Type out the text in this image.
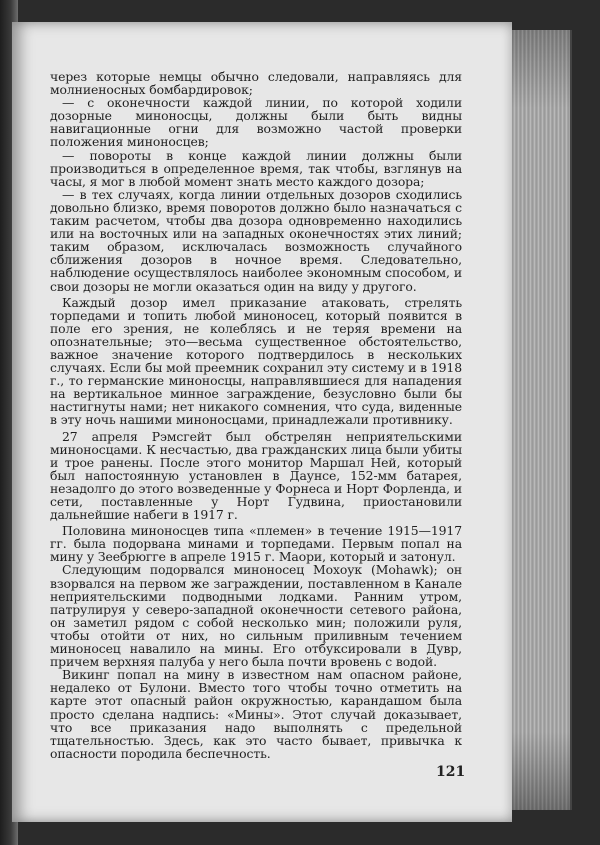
через которые немцы обычно следовали, направляясь для молниеносных бомбардировок;

— с оконечности каждой линии, по которой ходили дозорные миноносцы, должны были быть видны навигационные огни для возможно частой проверки положения миноносцев;

— повороты в конце каждой линии должны были производиться в определенное время, так чтобы, взглянув на часы, я мог в любой момент знать место каждого дозора;

— в тех случаях, когда линии отдельных дозоров сходились довольно близко, время поворотов должно было назначаться с таким расчетом, чтобы два дозора одновременно находились или на восточных или на западных оконечностях этих линий; таким образом, исключалась возможность случайного сближения дозоров в ночное время. Следовательно, наблюдение осуществлялось наиболее экономным способом, и свои дозоры не могли оказаться один на виду у другого.

Каждый дозор имел приказание атаковать, стрелять торпедами и топить любой миноносец, который появится в поле его зрения, не колеблясь и не теряя времени на опознательные; это—весьма существенное обстоятельство, важное значение которого подтвердилось в нескольких случаях. Если бы мой преемник сохранил эту систему и в 1918 г., то германские миноносцы, направлявшиеся для нападения на вертикальное минное заграждение, безусловно были бы настигнуты нами; нет никакого сомнения, что суда, виденные в эту ночь нашими миноносцами, принадлежали противнику.

27 апреля Рэмсгейт был обстрелян неприятельскими миноносцами. К несчастью, два гражданских лица были убиты и трое ранены. После этого монитор Маршал Ней, который был напостоянную установлен в Даунсе, 152-мм батарея, незадолго до этого возведенные у Форнеса и Норт Форленда, и сети, поставленные у Норт Гудвина, приостановили дальнейшие набеги в 1917 г.

Половина миноносцев типа «племен» в течение 1915—1917 гг. была подорвана минами и торпедами. Первым попал на мину у Зеебрюгге в апреле 1915 г. Маори, который и затонул.

Следующим подорвался миноносец Мохоук (Mohawk); он взорвался на первом же заграждении, поставленном в Канале неприятельскими подводными лодками. Ранним утром, патрулируя у северо-западной оконечности сетевого района, он заметил рядом с собой несколько мин; положили руля, чтобы отойти от них, но сильным приливным течением миноносец навалило на мины. Его отбуксировали в Дувр, причем верхняя палуба у него была почти вровень с водой.

Викинг попал на мину в известном нам опасном районе, недалеко от Булони. Вместо того чтобы точно отметить на карте этот опасный район окружностью, карандашом была просто сделана надпись: «Мины». Этот случай доказывает, что все приказания надо выполнять с предельной тщательностью. Здесь, как это часто бывает, привычка к опасности породила беспечность.

121
